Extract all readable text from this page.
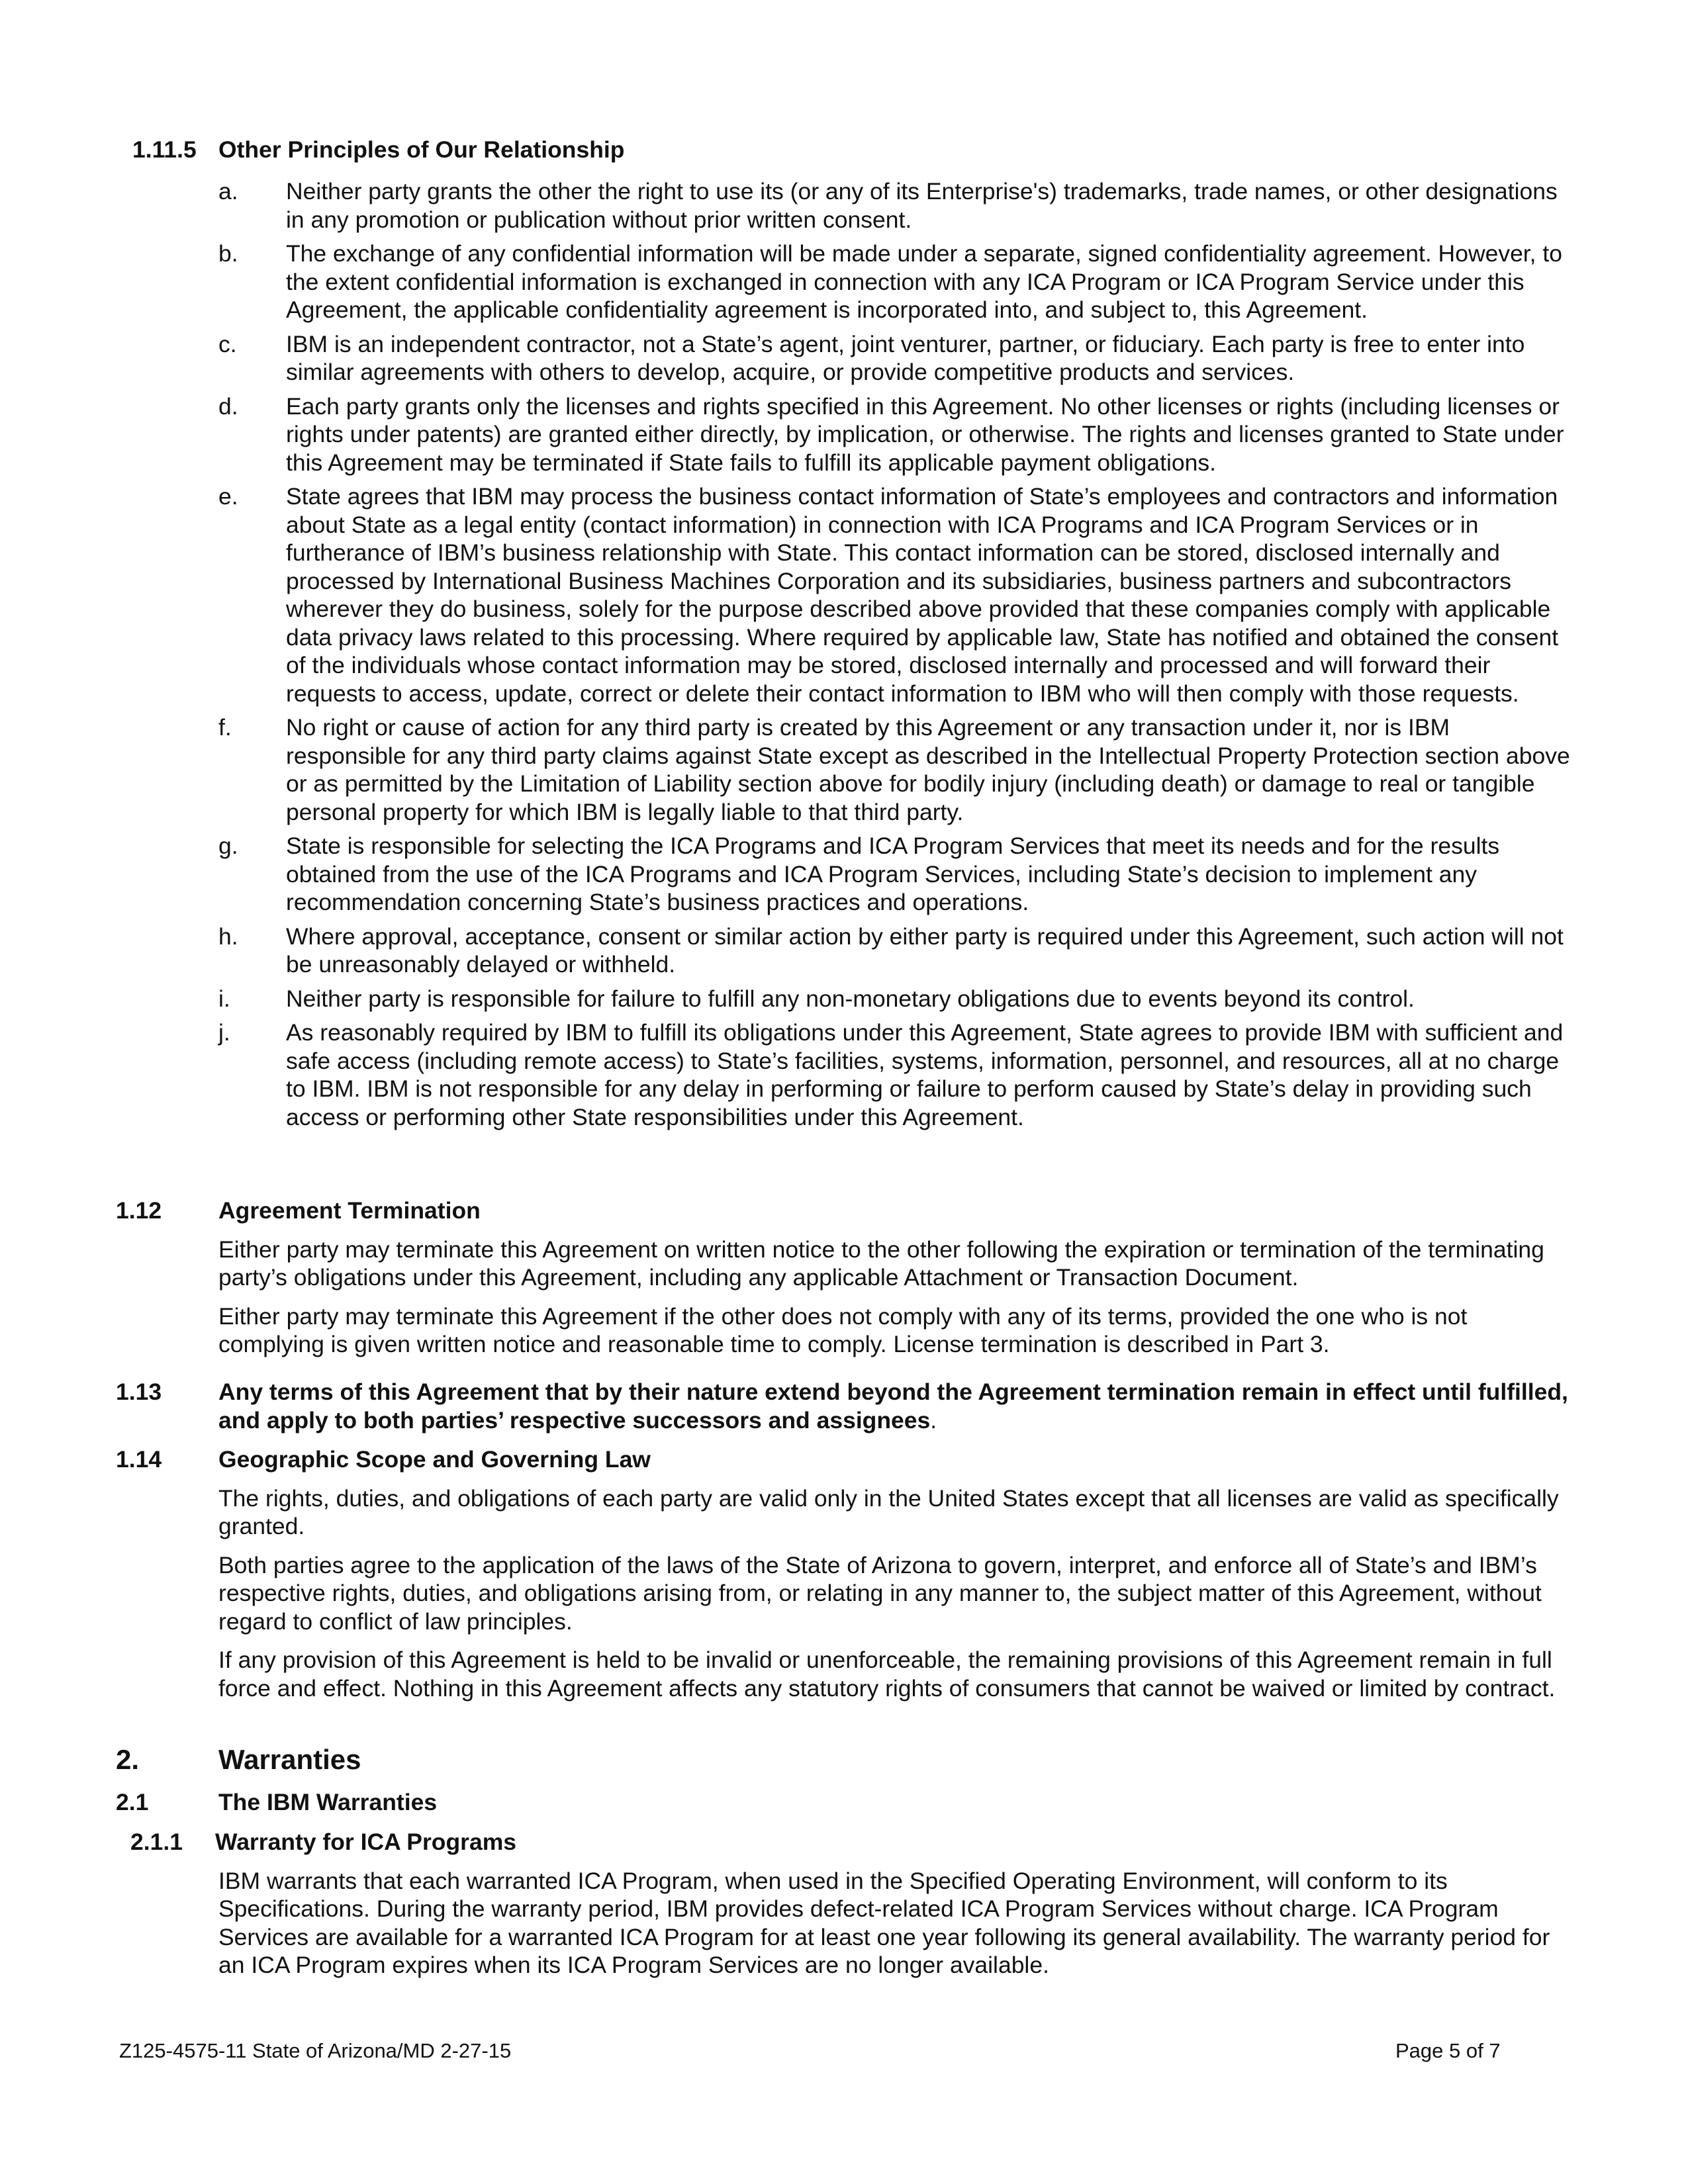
1.11.5 Other Principles of Our Relationship
a. Neither party grants the other the right to use its (or any of its Enterprise's) trademarks, trade names, or other designations in any promotion or publication without prior written consent.
b. The exchange of any confidential information will be made under a separate, signed confidentiality agreement. However, to the extent confidential information is exchanged in connection with any ICA Program or ICA Program Service under this Agreement, the applicable confidentiality agreement is incorporated into, and subject to, this Agreement.
c. IBM is an independent contractor, not a State’s agent, joint venturer, partner, or fiduciary. Each party is free to enter into similar agreements with others to develop, acquire, or provide competitive products and services.
d. Each party grants only the licenses and rights specified in this Agreement. No other licenses or rights (including licenses or rights under patents) are granted either directly, by implication, or otherwise. The rights and licenses granted to State under this Agreement may be terminated if State fails to fulfill its applicable payment obligations.
e. State agrees that IBM may process the business contact information of State’s employees and contractors and information about State as a legal entity (contact information) in connection with ICA Programs and ICA Program Services or in furtherance of IBM’s business relationship with State. This contact information can be stored, disclosed internally and processed by International Business Machines Corporation and its subsidiaries, business partners and subcontractors wherever they do business, solely for the purpose described above provided that these companies comply with applicable data privacy laws related to this processing. Where required by applicable law, State has notified and obtained the consent of the individuals whose contact information may be stored, disclosed internally and processed and will forward their requests to access, update, correct or delete their contact information to IBM who will then comply with those requests.
f. No right or cause of action for any third party is created by this Agreement or any transaction under it, nor is IBM responsible for any third party claims against State except as described in the Intellectual Property Protection section above or as permitted by the Limitation of Liability section above for bodily injury (including death) or damage to real or tangible personal property for which IBM is legally liable to that third party.
g. State is responsible for selecting the ICA Programs and ICA Program Services that meet its needs and for the results obtained from the use of the ICA Programs and ICA Program Services, including State’s decision to implement any recommendation concerning State’s business practices and operations.
h. Where approval, acceptance, consent or similar action by either party is required under this Agreement, such action will not be unreasonably delayed or withheld.
i. Neither party is responsible for failure to fulfill any non-monetary obligations due to events beyond its control.
j. As reasonably required by IBM to fulfill its obligations under this Agreement, State agrees to provide IBM with sufficient and safe access (including remote access) to State’s facilities, systems, information, personnel, and resources, all at no charge to IBM. IBM is not responsible for any delay in performing or failure to perform caused by State’s delay in providing such access or performing other State responsibilities under this Agreement.
1.12	Agreement Termination
Either party may terminate this Agreement on written notice to the other following the expiration or termination of the terminating party’s obligations under this Agreement, including any applicable Attachment or Transaction Document.
Either party may terminate this Agreement if the other does not comply with any of its terms, provided the one who is not complying is given written notice and reasonable time to comply. License termination is described in Part 3.
1.13	Any terms of this Agreement that by their nature extend beyond the Agreement termination remain in effect until fulfilled, and apply to both parties’ respective successors and assignees.
1.14	Geographic Scope and Governing Law
The rights, duties, and obligations of each party are valid only in the United States except that all licenses are valid as specifically granted.
Both parties agree to the application of the laws of the State of Arizona to govern, interpret, and enforce all of State’s and IBM’s respective rights, duties, and obligations arising from, or relating in any manner to, the subject matter of this Agreement, without regard to conflict of law principles.
If any provision of this Agreement is held to be invalid or unenforceable, the remaining provisions of this Agreement remain in full force and effect. Nothing in this Agreement affects any statutory rights of consumers that cannot be waived or limited by contract.
2.	Warranties
2.1	The IBM Warranties
2.1.1	Warranty for ICA Programs
IBM warrants that each warranted ICA Program, when used in the Specified Operating Environment, will conform to its Specifications. During the warranty period, IBM provides defect-related ICA Program Services without charge. ICA Program Services are available for a warranted ICA Program for at least one year following its general availability. The warranty period for an ICA Program expires when its ICA Program Services are no longer available.
Z125-4575-11 State of Arizona/MD 2-27-15	Page 5 of 7
